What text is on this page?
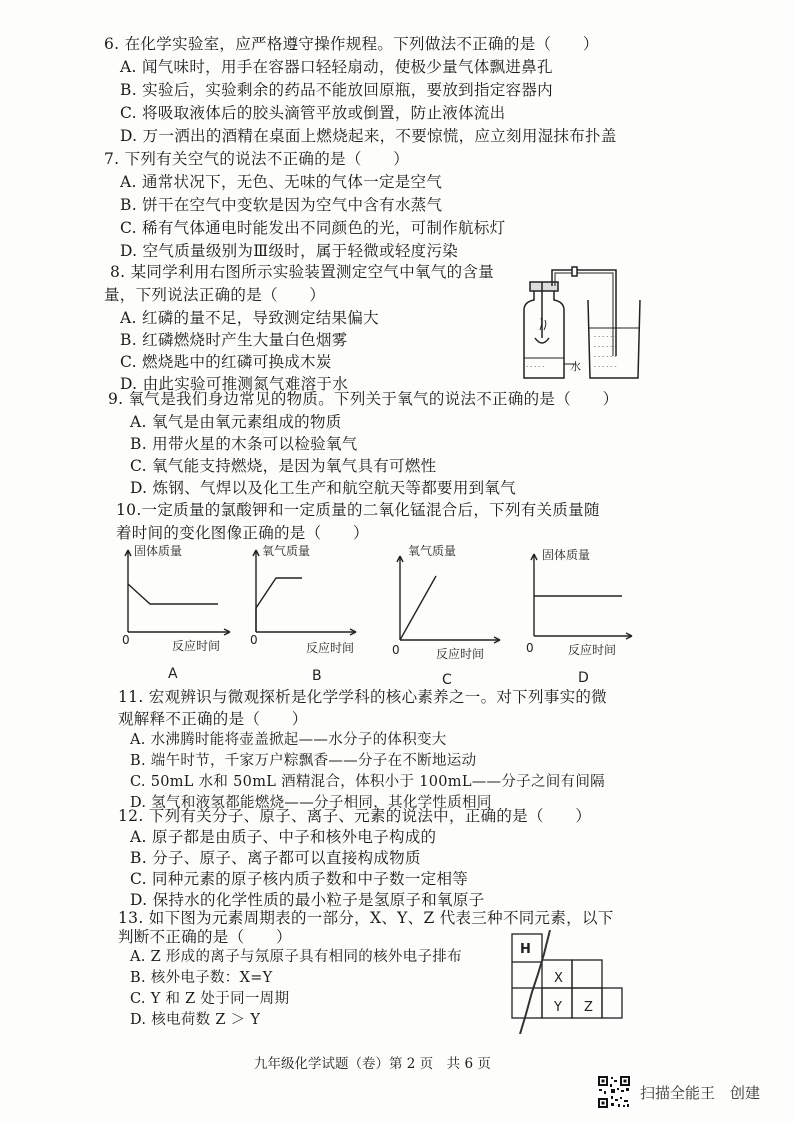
6. 在化学实验室，应严格遵守操作规程。下列做法不正确的是（　　）
A. 闻气味时，用手在容器口轻轻扇动，使极少量气体飘进鼻孔
B. 实验后，实验剩余的药品不能放回原瓶，要放到指定容器内
C. 将吸取液体后的胶头滴管平放或倒置，防止液体流出
D. 万一洒出的酒精在桌面上燃烧起来，不要惊慌，应立刻用湿抹布扑盖
7. 下列有关空气的说法不正确的是（　　）
A. 通常状况下，无色、无味的气体一定是空气
B. 饼干在空气中变软是因为空气中含有水蒸气
C. 稀有气体通电时能发出不同颜色的光，可制作航标灯
D. 空气质量级别为Ⅲ级时，属于轻微或轻度污染
8. 某同学利用右图所示实验装置测定空气中氧气的含量
量，下列说法正确的是（　　）
A. 红磷的量不足，导致测定结果偏大
B. 红磷燃烧时产生大量白色烟雾
C. 燃烧匙中的红磷可换成木炭
D. 由此实验可推测氮气难溶于水
- - - - - -
- - - - - -
- - - - - -
- - - - - -
- - - - - 水
9. 氧气是我们身边常见的物质。下列关于氧气的说法不正确的是（　　）
A. 氧气是由氧元素组成的物质
B. 用带火星的木条可以检验氧气
C. 氧气能支持燃烧，是因为氧气具有可燃性
D. 炼钢、气焊以及化工生产和航空航天等都要用到氧气
10.一定质量的氯酸钾和一定质量的二氧化锰混合后，下列有关质量随
着时间的变化图像正确的是（　　）
固体质量
0	反应时间
A
氧气质量
0
反应时间
B
氧气质量
0	反应时间
C
固体质量
0	反应时间
D
11. 宏观辨识与微观探析是化学学科的核心素养之一。对下列事实的微
观解释不正确的是（　　）
A. 水沸腾时能将壶盖掀起——水分子的体积变大
B. 端午时节，千家万户粽飘香——分子在不断地运动
C. 50mL 水和 50mL 酒精混合，体积小于 100mL——分子之间有间隔
D. 氢气和液氢都能燃烧——分子相同，其化学性质相同
12. 下列有关分子、原子、离子、元素的说法中，正确的是（　　）
A. 原子都是由质子、中子和核外电子构成的
B. 分子、原子、离子都可以直接构成物质
C. 同种元素的原子核内质子数和中子数一定相等
D. 保持水的化学性质的最小粒子是氢原子和氧原子
13. 如下图为元素周期表的一部分，X、Y、Z 代表三种不同元素，以下
判断不正确的是（　　）
A. Z 形成的离子与氖原子具有相同的核外电子排布
B. 核外电子数：X=Y
C. Y 和 Z 处于同一周期
D. 核电荷数 Z ＞ Y
H
X
Y Z
九年级化学试题（卷）第 2 页　共 6 页
扫描全能王　创建
